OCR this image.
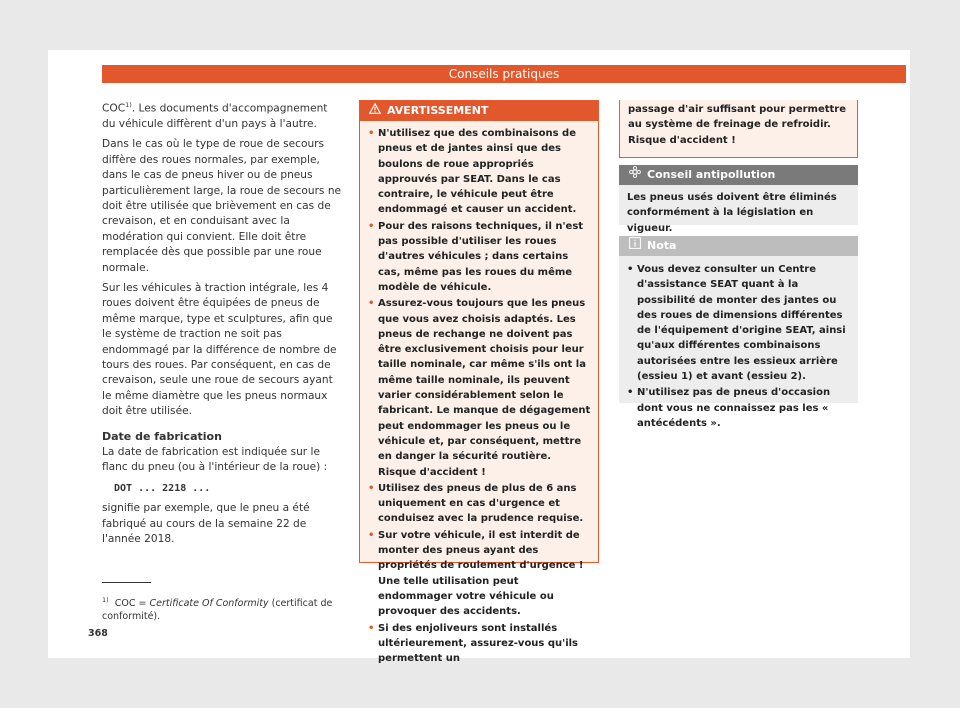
Conseils pratiques

COC$^{1)}$. Les documents d'accompagnement du véhicule diffèrent d'un pays à l'autre.

Dans le cas où le type de roue de secours diffère des roues normales, par exemple, dans le cas de pneus hiver ou de pneus particulièrement large, la roue de secours ne doit être utilisée que brièvement en cas de crevaison, et en conduisant avec la modération qui convient. Elle doit être remplacée dès que possible par une roue normale.

Sur les véhicules à traction intégrale, les 4 roues doivent être équipées de pneus de même marque, type et sculptures, afin que le système de traction ne soit pas endommagé par la différence de nombre de tours des roues. Par conséquent, en cas de crevaison, seule une roue de secours ayant le même diamètre que les pneus normaux doit être utilisée.

Date de fabrication

La date de fabrication est indiquée sur le flanc du pneu (ou à l'intérieur de la roue) :

DOT ... 2218 ...

signifie par exemple, que le pneu a été fabriqué au cours de la semaine 22 de l'année 2018.

AVERTISSEMENT
• N'utilisez que des combinaisons de pneus et de jantes ainsi que des boulons de roue appropriés approuvés par SEAT. Dans le cas contraire, le véhicule peut être endommagé et causer un accident.
• Pour des raisons techniques, il n'est pas possible d'utiliser les roues d'autres véhicules ; dans certains cas, même pas les roues du même modèle de véhicule.
• Assurez-vous toujours que les pneus que vous avez choisis adaptés. Les pneus de rechange ne doivent pas être exclusivement choisis pour leur taille nominale, car même s'ils ont la même taille nominale, ils peuvent varier considérablement selon le fabricant. Le manque de dégagement peut endommager les pneus ou le véhicule et, par conséquent, mettre en danger la sécurité routière. Risque d'accident !
• Utilisez des pneus de plus de 6 ans uniquement en cas d'urgence et conduisez avec la prudence requise.
• Sur votre véhicule, il est interdit de monter des pneus ayant des propriétés de roulement d'urgence ! Une telle utilisation peut endommager votre véhicule ou provoquer des accidents.
• Si des enjoliveurs sont installés ultérieurement, assurez-vous qu'ils permettent un
passage d'air suffisant pour permettre au système de freinage de refroidir. Risque d'accident !
Conseil antipollution
Les pneus usés doivent être éliminés conformément à la législation en vigueur.
Nota
• Vous devez consulter un Centre d'assistance SEAT quant à la possibilité de monter des jantes ou des roues de dimensions différentes de l'équipement d'origine SEAT, ainsi qu'aux différentes combinaisons autorisées entre les essieux arrière (essieu 1) et avant (essieu 2).
• N'utilisez pas de pneus d'occasion dont vous ne connaissez pas les « antécédents ».
$^{1)}$ COC = Certificate Of Conformity (certificat de conformité).
368
